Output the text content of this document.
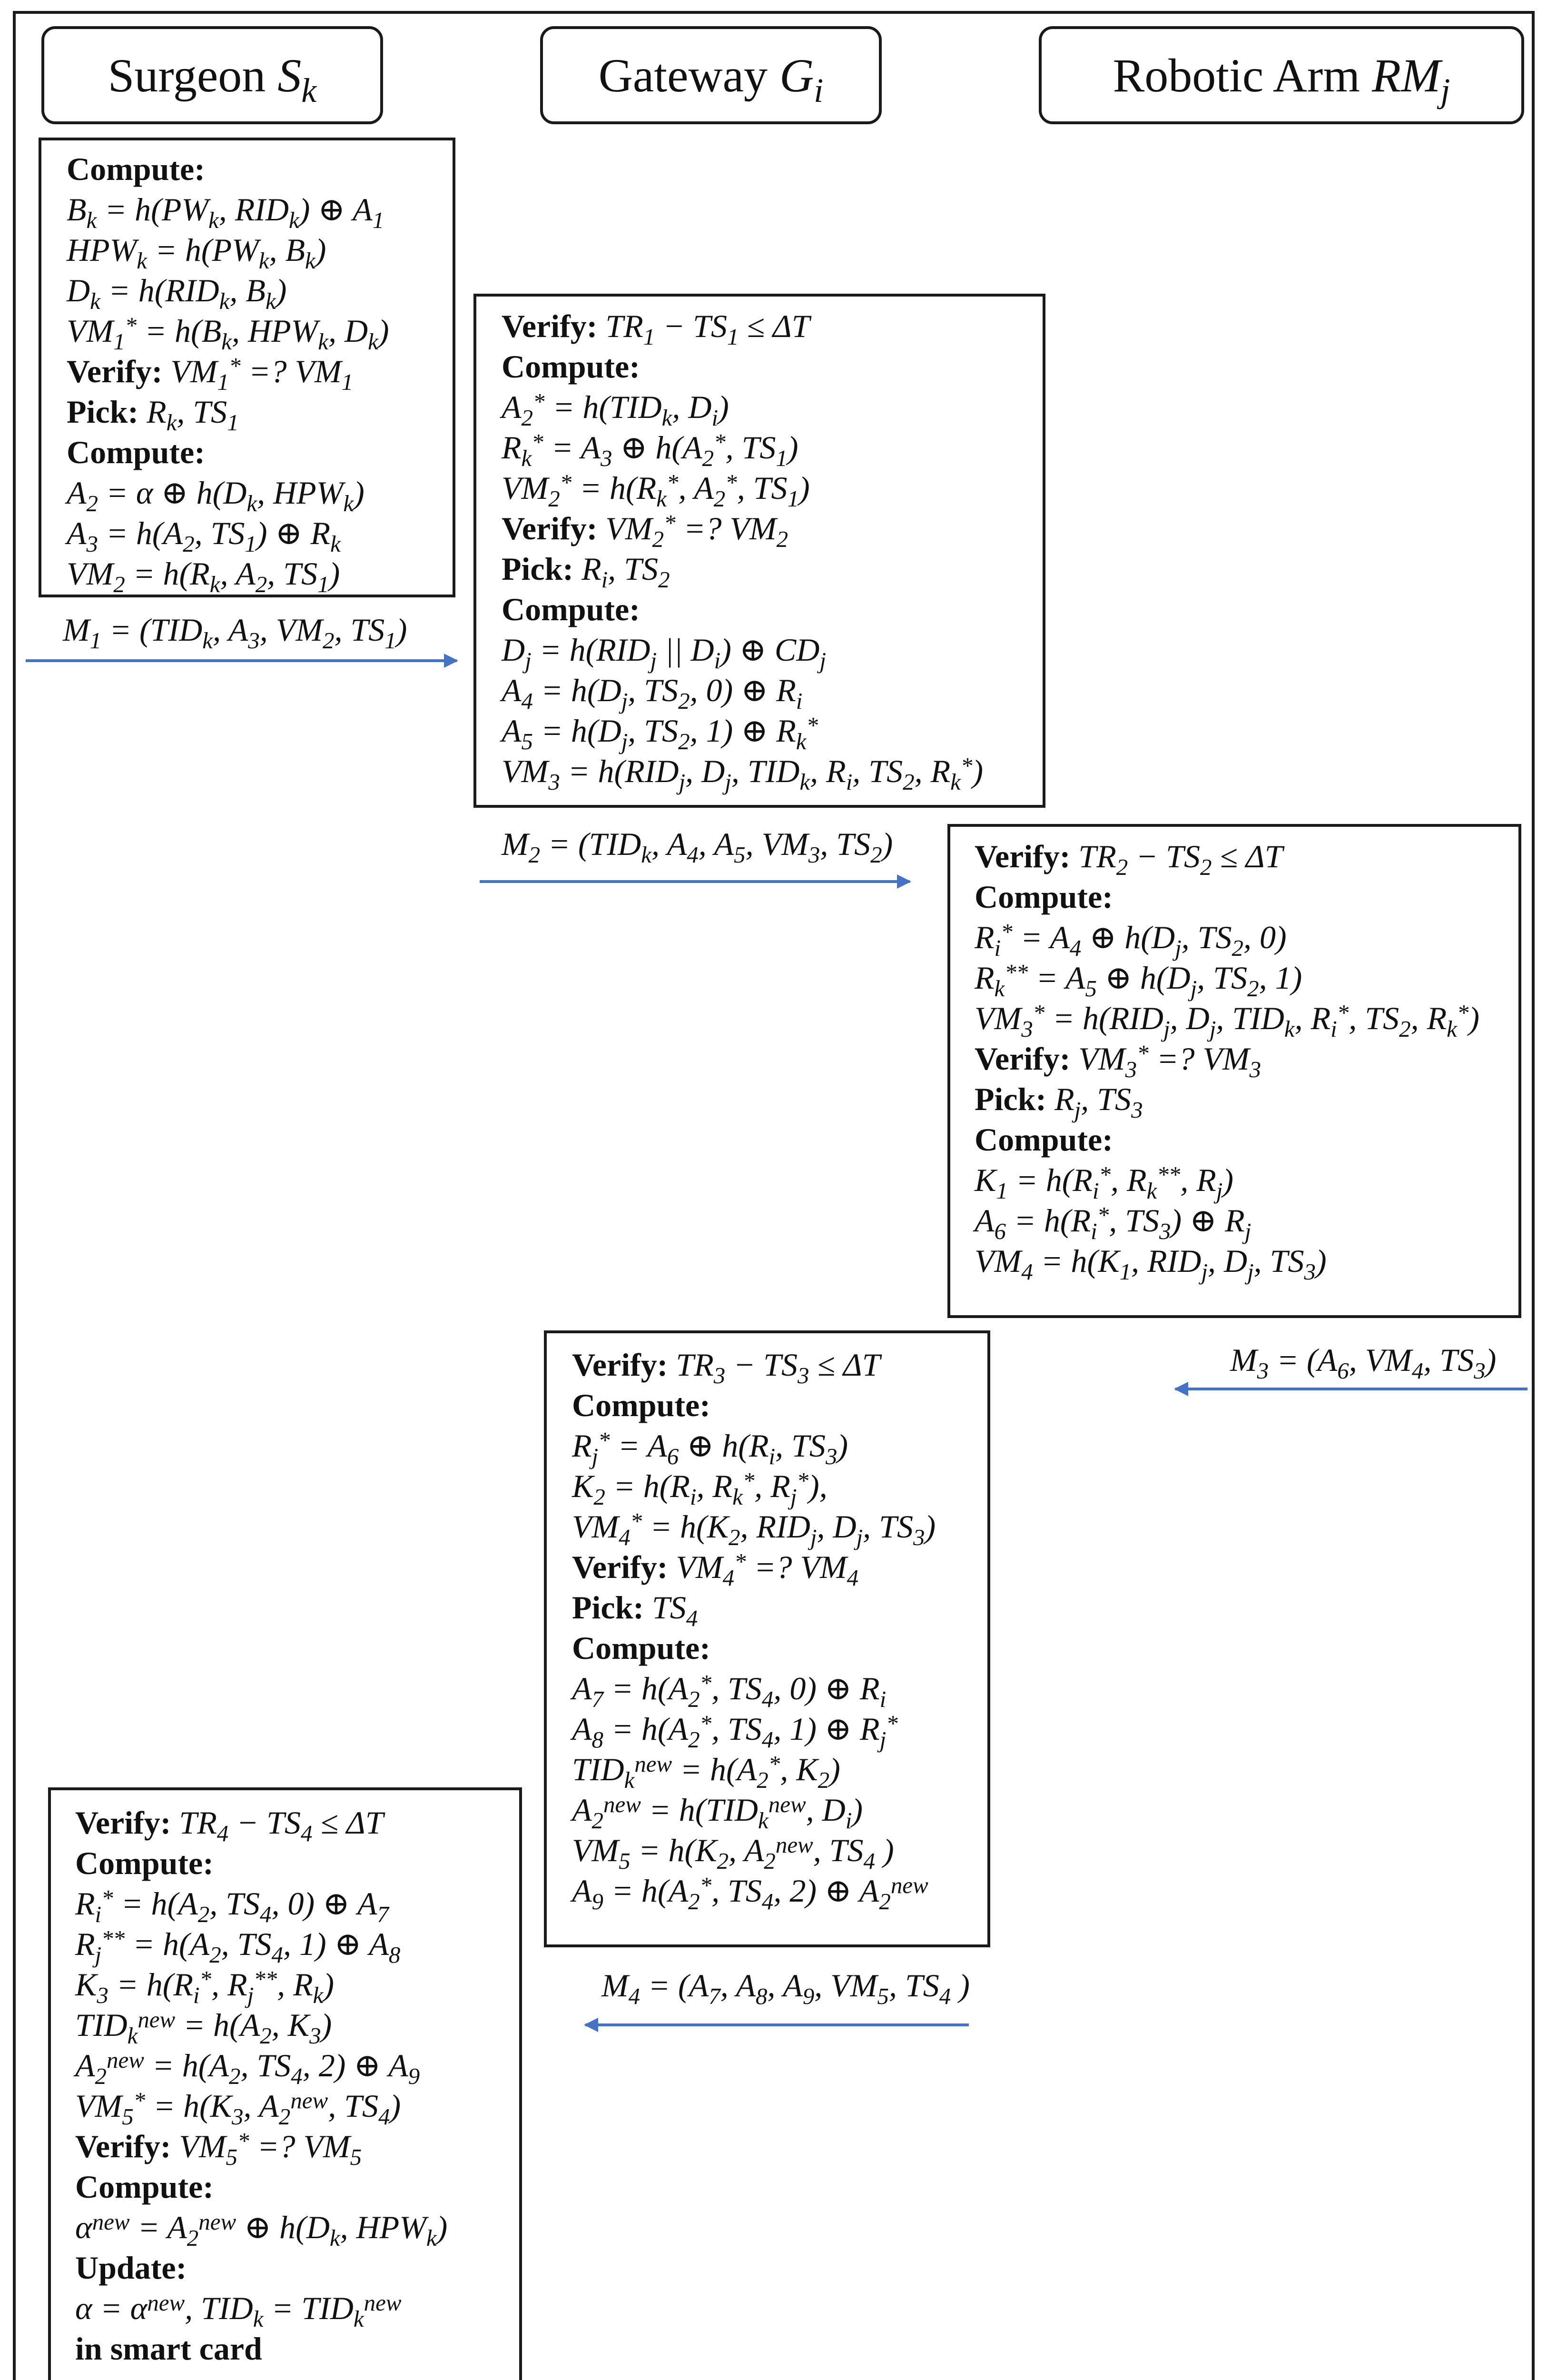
Surgeon $S_k$	Gateway $G_i$	Robotic Arm $RM_j$
Compute:
$B_k = h(PW_k$, $RID_k$) ⊕ $A_1$
$HPW_k = h(PW_k$, $B_k$)
$D_k = h(RID_k$, $B_k$)
$VM_1^* = h(B_k$, $HPW_k$, $D_k$)
Verify: $VM_1^*$ =? $VM_1$
Pick: $R_k$, $TS_1$
Compute:
$A_2 = \alpha$ ⊕ $h(D_k$, $HPW_k$)
$A_3 = h(A_2$, $TS_1$) ⊕ $R_k$
$VM_2 = h(R_k$, $A_2$, $TS_1$)
Verify: $TR_1 - TS_1 \le \Delta T$
Compute:
$A_2^* = h(TID_k$, $D_i$)
$R_k^* = A_3$ ⊕ $h(A_2^*$, $TS_1$)
$VM_2^* = h(R_k^*$, $A_2^*$, $TS_1$)
Verify: $VM_2^*$ =? $VM_2$
Pick: $R_i$, $TS_2$
Compute:
$D_j = h(RID_j$ || $D_i$) ⊕ $CD_j$
$A_4 = h(D_j$, $TS_2$, 0) ⊕ $R_i$
$A_5 = h(D_j$, $TS_2$, 1) ⊕ $R_k^*$
$VM_3 = h(RID_j$, $D_j$, $TID_k$, $R_i$, $TS_2$, $R_k^*$)
Verify: $TR_2 - TS_2 \le \Delta T$
Compute:
$R_i^* = A_4$ ⊕ $h(D_j$, $TS_2$, 0)
$R_k^{**} = A_5$ ⊕ $h(D_j$, $TS_2$, 1)
$VM_3^* = h(RID_j$, $D_j$, $TID_k$, $R_i^*$, $TS_2$, $R_k^*$)
Verify: $VM_3^*$ =? $VM_3$
Pick: $R_j$, $TS_3$
Compute:
$K_1 = h(R_i^*$, $R_k^{**}$, $R_j$)
$A_6 = h(R_i^*$, $TS_3$) ⊕ $R_j$
$VM_4 = h(K_1$, $RID_j$, $D_j$, $TS_3$)
Verify: $TR_3 - TS_3 \le \Delta T$
Compute:
$R_j^* = A_6$ ⊕ $h(R_i$, $TS_3$)
$K_2 = h(R_i$, $R_k^*$, $R_j^*$),
$VM_4^* = h(K_2$, $RID_j$, $D_j$, $TS_3$)
Verify: $VM_4^*$ =? $VM_4$
Pick: $TS_4$
Compute:
$A_7 = h(A_2^*$, $TS_4$, 0) ⊕ $R_i$
$A_8 = h(A_2^*$, $TS_4$, 1) ⊕ $R_j^*$
$TID_k^{new} = h(A_2^*$, $K_2$)
$A_2^{new} = h(TID_k^{new}$, $D_i$)
$VM_5 = h(K_2$, $A_2^{new}$, $TS_4$ )
$A_9 = h(A_2^*$, $TS_4$, 2) ⊕ $A_2^{new}$
Verify: $TR_4 - TS_4 \le \Delta T$
Compute:
$R_i^* = h(A_2$, $TS_4$, 0) ⊕ $A_7$
$R_j^{**} = h(A_2$, $TS_4$, 1) ⊕ $A_8$
$K_3 = h(R_i^*$, $R_j^{**}$, $R_k$)
$TID_k^{new} = h(A_2$, $K_3$)
$A_2^{new} = h(A_2$, $TS_4$, 2) ⊕ $A_9$
$VM_5^* = h(K_3$, $A_2^{new}$, $TS_4$)
Verify: $VM_5^*$ =? $VM_5$
Compute:
$\alpha^{new} = A_2^{new}$ ⊕ $h(D_k$, $HPW_k$)
Update:
$\alpha = \alpha^{new}$, $TID_k = TID_k^{new}$
in smart card
$M_1 = (TID_k$, $A_3$, $VM_2$, $TS_1$)
$M_2 = (TID_k$, $A_4$, $A_5$, $VM_3$, $TS_2$)
$M_3 = (A_6$, $VM_4$, $TS_3$)
$M_4 = (A_7$, $A_8$, $A_9$, $VM_5$, $TS_4$ )
